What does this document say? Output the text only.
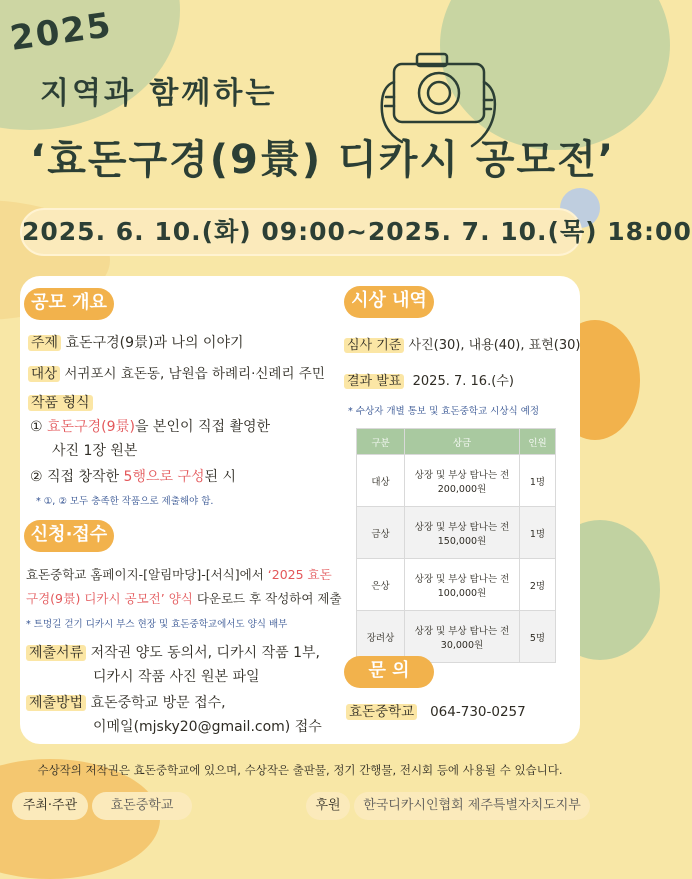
2025
지역과 함께하는
‘효돈구경(9景) 디카시 공모전’
2025. 6. 10.(화) 09:00~2025. 7. 10.(목) 18:00
공모 개요
주제 효돈구경(9景)과 나의 이야기
대상 서귀포시 효돈동, 남원읍 하례리·신례리 주민
작품 형식
① 효돈구경(9景)을 본인이 직접 촬영한
사진 1장 원본
② 직접 창작한 5행으로 구성된 시
* ①, ② 모두 충족한 작품으로 제출해야 함.
신청·접수
효돈중학교 홈페이지-[알림마당]-[서식]에서 ‘2025 효돈
구경(9景) 디카시 공모전’ 양식 다운로드 후 작성하여 제출
* 트멍길 걷기 디카시 부스 현장 및 효돈중학교에서도 양식 배부
제출서류 저작권 양도 동의서, 디카시 작품 1부,
디카시 작품 사진 원본 파일
제출방법 효돈중학교 방문 접수,
이메일(mjsky20@gmail.com) 접수
시상 내역
심사 기준 사진(30), 내용(40), 표현(30)
결과 발표 2025. 7. 16.(수)
* 수상자 개별 통보 및 효돈중학교 시상식 예정
구분	상금	인원
대상	상장 및 부상 탐나는 전
200,000원	1명
금상	상장 및 부상 탐나는 전
150,000원	1명
은상	상장 및 부상 탐나는 전
100,000원	2명
장려상	상장 및 부상 탐나는 전
30,000원	5명
문 의
효돈중학교 064-730-0257
수상작의 저작권은 효돈중학교에 있으며, 수상작은 출판물, 정기 간행물, 전시회 등에 사용될 수 있습니다.
주최·주관	효돈중학교	후원	한국디카시인협회 제주특별자치도지부
